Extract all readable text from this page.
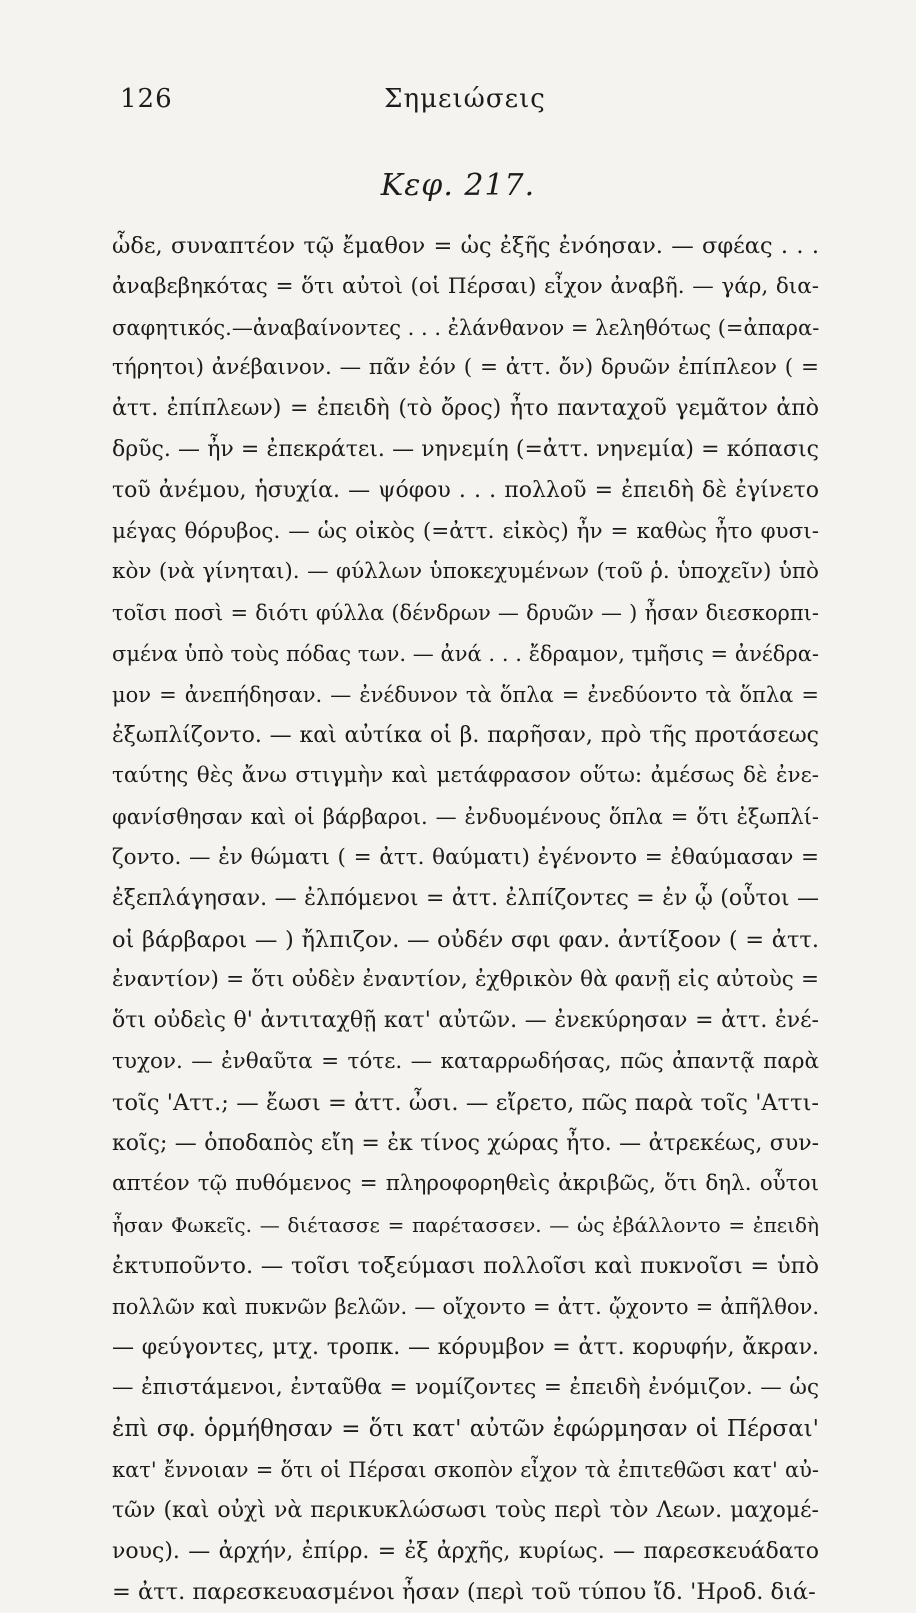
126	Σημειώσεις
Κεφ. 217.
ὧδε, συναπτέον τῷ ἔμαθον = ὡς ἐξῆς ἐνόησαν. — σφέας . . .
ἀναβεβηκότας = ὅτι αὐτοὶ (οἱ Πέρσαι) εἶχον ἀναβῆ. — γάρ, δια-
σαφητικός.—ἀναβαίνοντες . . . ἐλάνθανον = λεληθότως (=ἀπαρα-
τήρητοι) ἀνέβαινον. — πᾶν ἐόν ( = ἀττ. ὄν) δρυῶν ἐπίπλεον ( =
ἀττ. ἐπίπλεων) = ἐπειδὴ (τὸ ὄρος) ἦτο πανταχοῦ γεμᾶτον ἀπὸ
δρῦς. — ἦν = ἐπεκράτει. — νηνεμίη (=ἀττ. νηνεμία) = κόπασις
τοῦ ἀνέμου, ἡσυχία. — ψόφου . . . πολλοῦ = ἐπειδὴ δὲ ἐγίνετο
μέγας θόρυβος. — ὡς οἰκὸς (=ἀττ. εἰκὸς) ἦν = καθὼς ἦτο φυσι-
κὸν (νὰ γίνηται). — φύλλων ὑποκεχυμένων (τοῦ ῥ. ὑποχεῖν) ὑπὸ
τοῖσι ποσὶ = διότι φύλλα (δένδρων — δρυῶν — ) ἦσαν διεσκορπι-
σμένα ὑπὸ τοὺς πόδας των. — ἀνά . . . ἔδραμον, τμῆσις = ἀνέδρα-
μον = ἀνεπήδησαν. — ἐνέδυνον τὰ ὅπλα = ἐνεδύοντο τὰ ὅπλα =
ἐξωπλίζοντο. — καὶ αὐτίκα οἱ β. παρῆσαν, πρὸ τῆς προτάσεως
ταύτης θὲς ἄνω στιγμὴν καὶ μετάφρασον οὕτω: ἀμέσως δὲ ἐνε-
φανίσθησαν καὶ οἱ βάρβαροι. — ἐνδυομένους ὅπλα = ὅτι ἐξωπλί-
ζοντο. — ἐν θώματι ( = ἀττ. θαύματι) ἐγένοντο = ἐθαύμασαν =
ἐξεπλάγησαν. — ἐλπόμενοι = ἀττ. ἐλπίζοντες = ἐν ᾧ (οὗτοι —
οἱ βάρβαροι — ) ἤλπιζον. — οὐδέν σφι φαν. ἀντίξοον ( = ἀττ.
ἐναντίον) = ὅτι οὐδὲν ἐναντίον, ἐχθρικὸν θὰ φανῇ εἰς αὐτοὺς =
ὅτι οὐδεὶς θ' ἀντιταχθῇ κατ' αὐτῶν. — ἐνεκύρησαν = ἀττ. ἐνέ-
τυχον. — ἐνθαῦτα = τότε. — καταρρωδήσας, πῶς ἀπαντᾷ παρὰ
τοῖς 'Αττ.; — ἔωσι = ἀττ. ὦσι. — εἴρετο, πῶς παρὰ τοῖς 'Αττι-
κοῖς; — ὁποδαπὸς εἴη = ἐκ τίνος χώρας ἦτο. — ἀτρεκέως, συν-
απτέον τῷ πυθόμενος = πληροφορηθεὶς ἀκριβῶς, ὅτι δηλ. οὗτοι
ἦσαν Φωκεῖς. — διέτασσε = παρέτασσεν. — ὡς ἐβάλλοντο = ἐπειδὴ
ἐκτυποῦντο. — τοῖσι τοξεύμασι πολλοῖσι καὶ πυκνοῖσι = ὑπὸ
πολλῶν καὶ πυκνῶν βελῶν. — οἴχοντο = ἀττ. ᾤχοντο = ἀπῆλθον.
— φεύγοντες, μτχ. τροπκ. — κόρυμβον = ἀττ. κορυφήν, ἄκραν.
— ἐπιστάμενοι, ἐνταῦθα = νομίζοντες = ἐπειδὴ ἐνόμιζον. — ὡς
ἐπὶ σφ. ὁρμήθησαν = ὅτι κατ' αὐτῶν ἐφώρμησαν οἱ Πέρσαι'
κατ' ἔννοιαν = ὅτι οἱ Πέρσαι σκοπὸν εἶχον τὰ ἐπιτεθῶσι κατ' αὐ-
τῶν (καὶ οὐχὶ νὰ περικυκλώσωσι τοὺς περὶ τὸν Λεων. μαχομέ-
νους). — ἀρχήν, ἐπίρρ. = ἐξ ἀρχῆς, κυρίως. — παρεσκευάδατο
= ἀττ. παρεσκευασμένοι ἦσαν (περὶ τοῦ τύπου ἴδ. 'Ηροδ. διά-
